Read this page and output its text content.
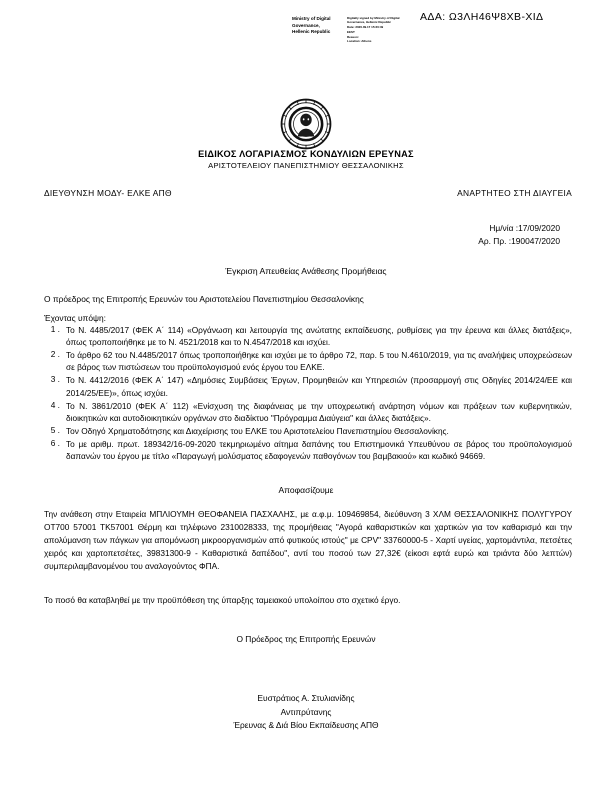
ΑΔΑ: Ω3ΛΗ46Ψ8ΧΒ-ΧΙΔ
Ministry of Digital
Governance,
Hellenic Republic
Digitally signed by Ministry of Digital Governance, Hellenic Republic
Date: 2020.09.17 15:20:49
EEST
Reason:
Location: Athens
ΕΙΔΙΚΟΣ ΛΟΓΑΡΙΑΣΜΟΣ ΚΟΝΔΥΛΙΩΝ ΕΡΕΥΝΑΣ
ΑΡΙΣΤΟΤΕΛΕΙΟΥ ΠΑΝΕΠΙΣΤΗΜΙΟΥ ΘΕΣΣΑΛΟΝΙΚΗΣ
ΔΙΕΥΘΥΝΣΗ ΜΟΔΥ- ΕΛΚΕ ΑΠΘ	ΑΝΑΡΤΗΤΕΟ ΣΤΗ ΔΙΑΥΓΕΙΑ
Ημ/νία :17/09/2020
Αρ. Πρ. :190047/2020
Έγκριση Απευθείας Ανάθεσης Προμήθειας
Ο πρόεδρος της Επιτροπής Ερευνών του Αριστοτελείου Πανεπιστημίου Θεσσαλονίκης
Έχοντας υπόψη:
1 . Το Ν. 4485/2017 (ΦΕΚ Α΄ 114) «Οργάνωση και λειτουργία της ανώτατης εκπαίδευσης, ρυθμίσεις για την έρευνα και άλλες διατάξεις», όπως τροποποιήθηκε με το Ν. 4521/2018 και το Ν.4547/2018 και ισχύει.
2 . Το άρθρο 62 του Ν.4485/2017 όπως τροποποιήθηκε και ισχύει με το άρθρο 72, παρ. 5 του Ν.4610/2019, για τις αναλήψεις υποχρεώσεων σε βάρος των πιστώσεων του προϋπολογισμού ενός έργου του ΕΛΚΕ.
3 . Το Ν. 4412/2016 (ΦΕΚ Α΄ 147) «Δημόσιες Συμβάσεις Έργων, Προμηθειών και Υπηρεσιών (προσαρμογή στις Οδηγίες 2014/24/ΕΕ και 2014/25/ΕΕ)», όπως ισχύει.
4 . Το Ν. 3861/2010 (ΦΕΚ Α΄ 112) «Ενίσχυση της διαφάνειας με την υποχρεωτική ανάρτηση νόμων και πράξεων των κυβερνητικών, διοικητικών και αυτοδιοικητικών οργάνων στο διαδίκτυο "Πρόγραμμα Διαύγεια" και άλλες διατάξεις».
5 . Τον Οδηγό Χρηματοδότησης και Διαχείρισης του ΕΛΚΕ του Αριστοτελείου Πανεπιστημίου Θεσσαλονίκης.
6 . Το με αριθμ. πρωτ. 189342/16-09-2020 τεκμηριωμένο αίτημα δαπάνης του Επιστημονικά Υπευθύνου σε βάρος του προϋπολογισμού δαπανών του έργου με τίτλο «Παραγωγή μολύσματος εδαφογενών παθογόνων του βαμβακιού» και κωδικό 94669.
Αποφασίζουμε
Την ανάθεση στην Εταιρεία ΜΠΛΙΟΥΜΗ ΘΕΟΦΑΝΕΙΑ ΠΑΣΧΑΛΗΣ, με α.φ.μ. 109469854, διεύθυνση 3 ΧΛΜ ΘΕΣΣΑΛΟΝΙΚΗΣ ΠΟΛΥΓΥΡΟΥ ΟΤ700 57001 ΤΚ57001 Θέρμη και τηλέφωνο 2310028333, της προμήθειας "Αγορά καθαριστικών και χαρτικών για τον καθαρισμό και την απολύμανση των πάγκων για απομόνωση μικροοργανισμών από φυτικούς ιστούς" με CPV" 33760000-5 - Χαρτί υγείας, χαρτομάντιλα, πετσέτες χειρός και χαρτοπετσέτες, 39831300-9 - Καθαριστικά δαπέδου", αντί του ποσού των 27,32€ (είκοσι εφτά ευρώ και τριάντα δύο λεπτών) συμπεριλαμβανομένου του αναλογούντος ΦΠΑ.
Το ποσό θα καταβληθεί με την προϋπόθεση της ύπαρξης ταμειακού υπολοίπου στο σχετικό έργο.
Ο Πρόεδρος της Επιτροπής Ερευνών
Ευστράτιος Α. Στυλιανίδης
Αντιπρύτανης
Έρευνας & Διά Βίου Εκπαίδευσης ΑΠΘ
